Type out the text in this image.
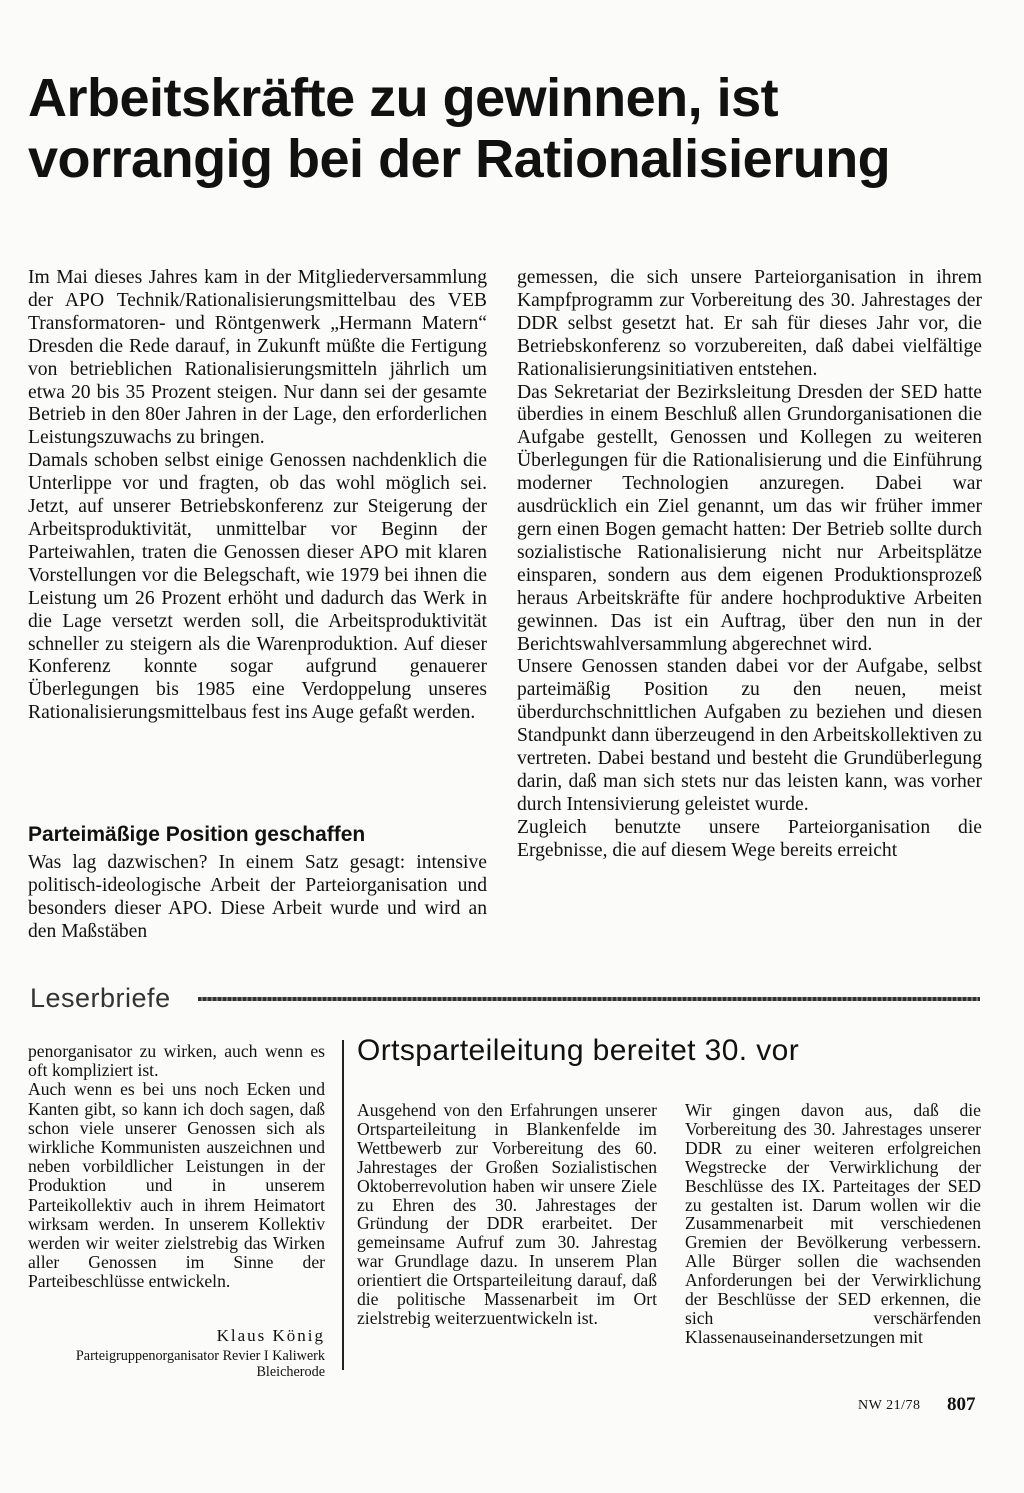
Arbeitskräfte zu gewinnen, ist vorrangig bei der Rationalisierung

Im Mai dieses Jahres kam in der Mitgliederversammlung der APO Technik/Rationalisierungsmittelbau des VEB Transformatoren- und Röntgenwerk „Hermann Matern“ Dresden die Rede darauf, in Zukunft müßte die Fertigung von betrieblichen Rationalisierungsmitteln jährlich um etwa 20 bis 35 Prozent steigen. Nur dann sei der gesamte Betrieb in den 80er Jahren in der Lage, den erforderlichen Leistungszuwachs zu bringen.

Damals schoben selbst einige Genossen nachdenklich die Unterlippe vor und fragten, ob das wohl möglich sei. Jetzt, auf unserer Betriebskonferenz zur Steigerung der Arbeitsproduktivität, unmittelbar vor Beginn der Parteiwahlen, traten die Genossen dieser APO mit klaren Vorstellungen vor die Belegschaft, wie 1979 bei ihnen die Leistung um 26 Prozent erhöht und dadurch das Werk in die Lage versetzt werden soll, die Arbeitsproduktivität schneller zu steigern als die Warenproduktion. Auf dieser Konferenz konnte sogar aufgrund genauerer Überlegungen bis 1985 eine Verdoppelung unseres Rationalisierungsmittelbaus fest ins Auge gefaßt werden.

Parteimäßige Position geschaffen

Was lag dazwischen? In einem Satz gesagt: intensive politisch-ideologische Arbeit der Parteiorganisation und besonders dieser APO. Diese Arbeit wurde und wird an den Maßstäben

gemessen, die sich unsere Parteiorganisation in ihrem Kampfprogramm zur Vorbereitung des 30. Jahrestages der DDR selbst gesetzt hat. Er sah für dieses Jahr vor, die Betriebskonferenz so vorzubereiten, daß dabei vielfältige Rationalisierungsinitiativen entstehen.

Das Sekretariat der Bezirksleitung Dresden der SED hatte überdies in einem Beschluß allen Grundorganisationen die Aufgabe gestellt, Genossen und Kollegen zu weiteren Überlegungen für die Rationalisierung und die Einführung moderner Technologien anzuregen. Dabei war ausdrücklich ein Ziel genannt, um das wir früher immer gern einen Bogen gemacht hatten: Der Betrieb sollte durch sozialistische Rationalisierung nicht nur Arbeitsplätze einsparen, sondern aus dem eigenen Produktionsprozeß heraus Arbeitskräfte für andere hochproduktive Arbeiten gewinnen. Das ist ein Auftrag, über den nun in der Berichtswahlversammlung abgerechnet wird.

Unsere Genossen standen dabei vor der Aufgabe, selbst parteimäßig Position zu den neuen, meist überdurchschnittlichen Aufgaben zu beziehen und diesen Standpunkt dann überzeugend in den Arbeitskollektiven zu vertreten. Dabei bestand und besteht die Grundüberlegung darin, daß man sich stets nur das leisten kann, was vorher durch Intensivierung geleistet wurde.

Zugleich benutzte unsere Parteiorganisation die Ergebnisse, die auf diesem Wege bereits erreicht

Leserbriefe

penorganisator zu wirken, auch wenn es oft kompliziert ist.

Auch wenn es bei uns noch Ecken und Kanten gibt, so kann ich doch sagen, daß schon viele unserer Genossen sich als wirkliche Kommunisten auszeichnen und neben vorbildlicher Leistungen in der Produktion und in unserem Parteikollektiv auch in ihrem Heimatort wirksam werden. In unserem Kollektiv werden wir weiter zielstrebig das Wirken aller Genossen im Sinne der Parteibeschlüsse entwickeln.

Klaus König
Parteigruppenorganisator Revier I Kaliwerk Bleicherode
Ortsparteileitung bereitet 30. vor

Ausgehend von den Erfahrungen unserer Ortsparteileitung in Blankenfelde im Wettbewerb zur Vorbereitung des 60. Jahrestages der Großen Sozialistischen Oktoberrevolution haben wir unsere Ziele zu Ehren des 30. Jahrestages der Gründung der DDR erarbeitet. Der gemeinsame Aufruf zum 30. Jahrestag war Grundlage dazu. In unserem Plan orientiert die Ortsparteileitung darauf, daß die politische Massenarbeit im Ort zielstrebig weiterzuentwickeln ist.

Wir gingen davon aus, daß die Vorbereitung des 30. Jahrestages unserer DDR zu einer weiteren erfolgreichen Wegstrecke der Verwirklichung der Beschlüsse des IX. Parteitages der SED zu gestalten ist. Darum wollen wir die Zusammenarbeit mit verschiedenen Gremien der Bevölkerung verbessern. Alle Bürger sollen die wachsenden Anforderungen bei der Verwirklichung der Beschlüsse der SED erkennen, die sich verschärfenden Klassenauseinandersetzungen mit

NW 21/78 807
